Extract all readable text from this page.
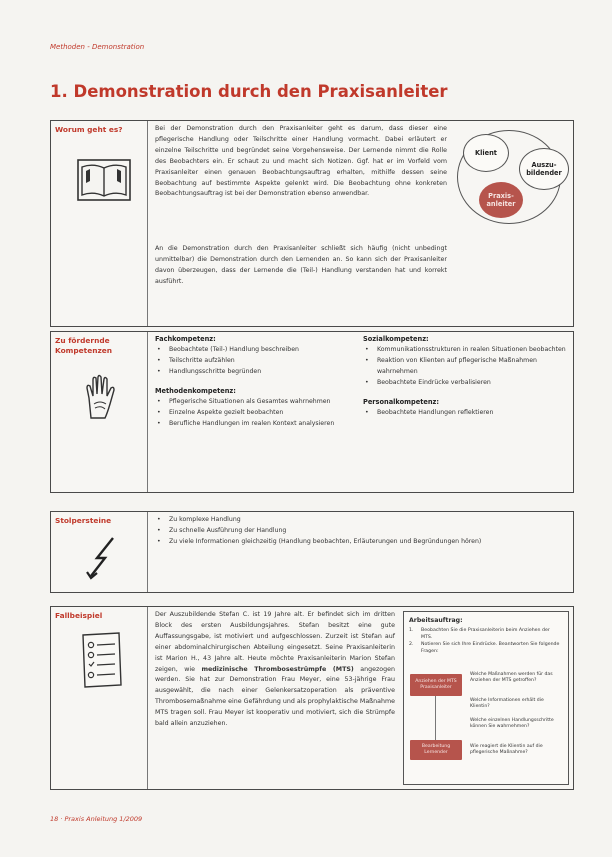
Methoden - Demonstration
1. Demonstration durch den Praxisanleiter
Worum geht es?	Bei der Demonstration durch den Praxisanleiter geht es darum, dass dieser eine pflegerische Handlung oder Teilschritte einer Handlung vormacht. Dabei erläutert er einzelne Teilschritte und begründet seine Vorgehensweise. Der Lernende nimmt die Rolle des Beobachters ein. Er schaut zu und macht sich Notizen. Ggf. hat er im Vorfeld vom Praxisanleiter einen genauen Beobachtungsauftrag erhalten, mithilfe dessen seine Beobachtung auf bestimmte Aspekte gelenkt wird. Die Beobachtung ohne konkreten Beobachtungsauftrag ist bei der Demonstration ebenso anwendbar.

An die Demonstration durch den Praxisanleiter schließt sich häufig (nicht unbedingt unmittelbar) die Demonstration durch den Lernenden an. So kann sich der Praxisanleiter davon überzeugen, dass der Lernende die (Teil-) Handlung verstanden hat und korrekt ausführt.

Klient
Auszu-
bildender
Praxis-
anleiter
Zu fördernde Kompetenzen
Fachkompetenz:
• Beobachtete (Teil-) Handlung beschreiben
• Teilschritte aufzählen
• Handlungsschritte begründen
Methodenkompetenz:
• Pflegerische Situationen als Gesamtes wahrnehmen
• Einzelne Aspekte gezielt beobachten
• Berufliche Handlungen im realen Kontext analysieren
Sozialkompetenz:
• Kommunikationsstrukturen in realen Situationen beobachten
• Reaktion von Klienten auf pflegerische Maßnahmen wahrnehmen
• Beobachtete Eindrücke verbalisieren
Personalkompetenz:
• Beobachtete Handlungen reflektieren
Stolpersteine
•	Zu komplexe Handlung
• Zu schnelle Ausführung der Handlung
• Zu viele Informationen gleichzeitig (Handlung beobachten, Erläuterungen und Begründungen hören)
Fallbeispiel	Der Auszubildende Stefan C. ist 19 Jahre alt. Er befindet sich im dritten Block des ersten Ausbildungsjahres. Stefan besitzt eine gute Auffassungsgabe, ist motiviert und aufgeschlossen. Zurzeit ist Stefan auf einer abdominalchirurgischen Abteilung eingesetzt. Seine Praxisanleiterin ist Marion H., 43 Jahre alt. Heute möchte Praxisanleiterin Marion Stefan zeigen, wie medizinische Thrombosestrümpfe (MTS) angezogen werden. Sie hat zur Demonstration Frau Meyer, eine 53-jährige Frau ausgewählt, die nach einer Gelenkersatzoperation als präventive Thrombosemaßnahme eine Gefährdung und als prophylaktische Maßnahme MTS tragen soll. Frau Meyer ist kooperativ und motiviert, sich die Strümpfe bald allein anzuziehen.

Arbeitsauftrag:
1. Beobachten Sie die Praxisanleiterin beim Anziehen der MTS.
2. Notieren Sie sich Ihre Eindrücke. Beantworten Sie folgende Fragen:
Anziehen der MTS Praxisanleiter
Bearbeitung Lernender
Welche Maßnahmen werden für das Anziehen der MTS getroffen?
Welche Informationen erhält die Klientin?
Welche einzelnen Handlungsschritte können Sie wahrnehmen?
Wie reagiert die Klientin auf die pflegerische Maßnahme?
18 · Praxis Anleitung 1/2009
